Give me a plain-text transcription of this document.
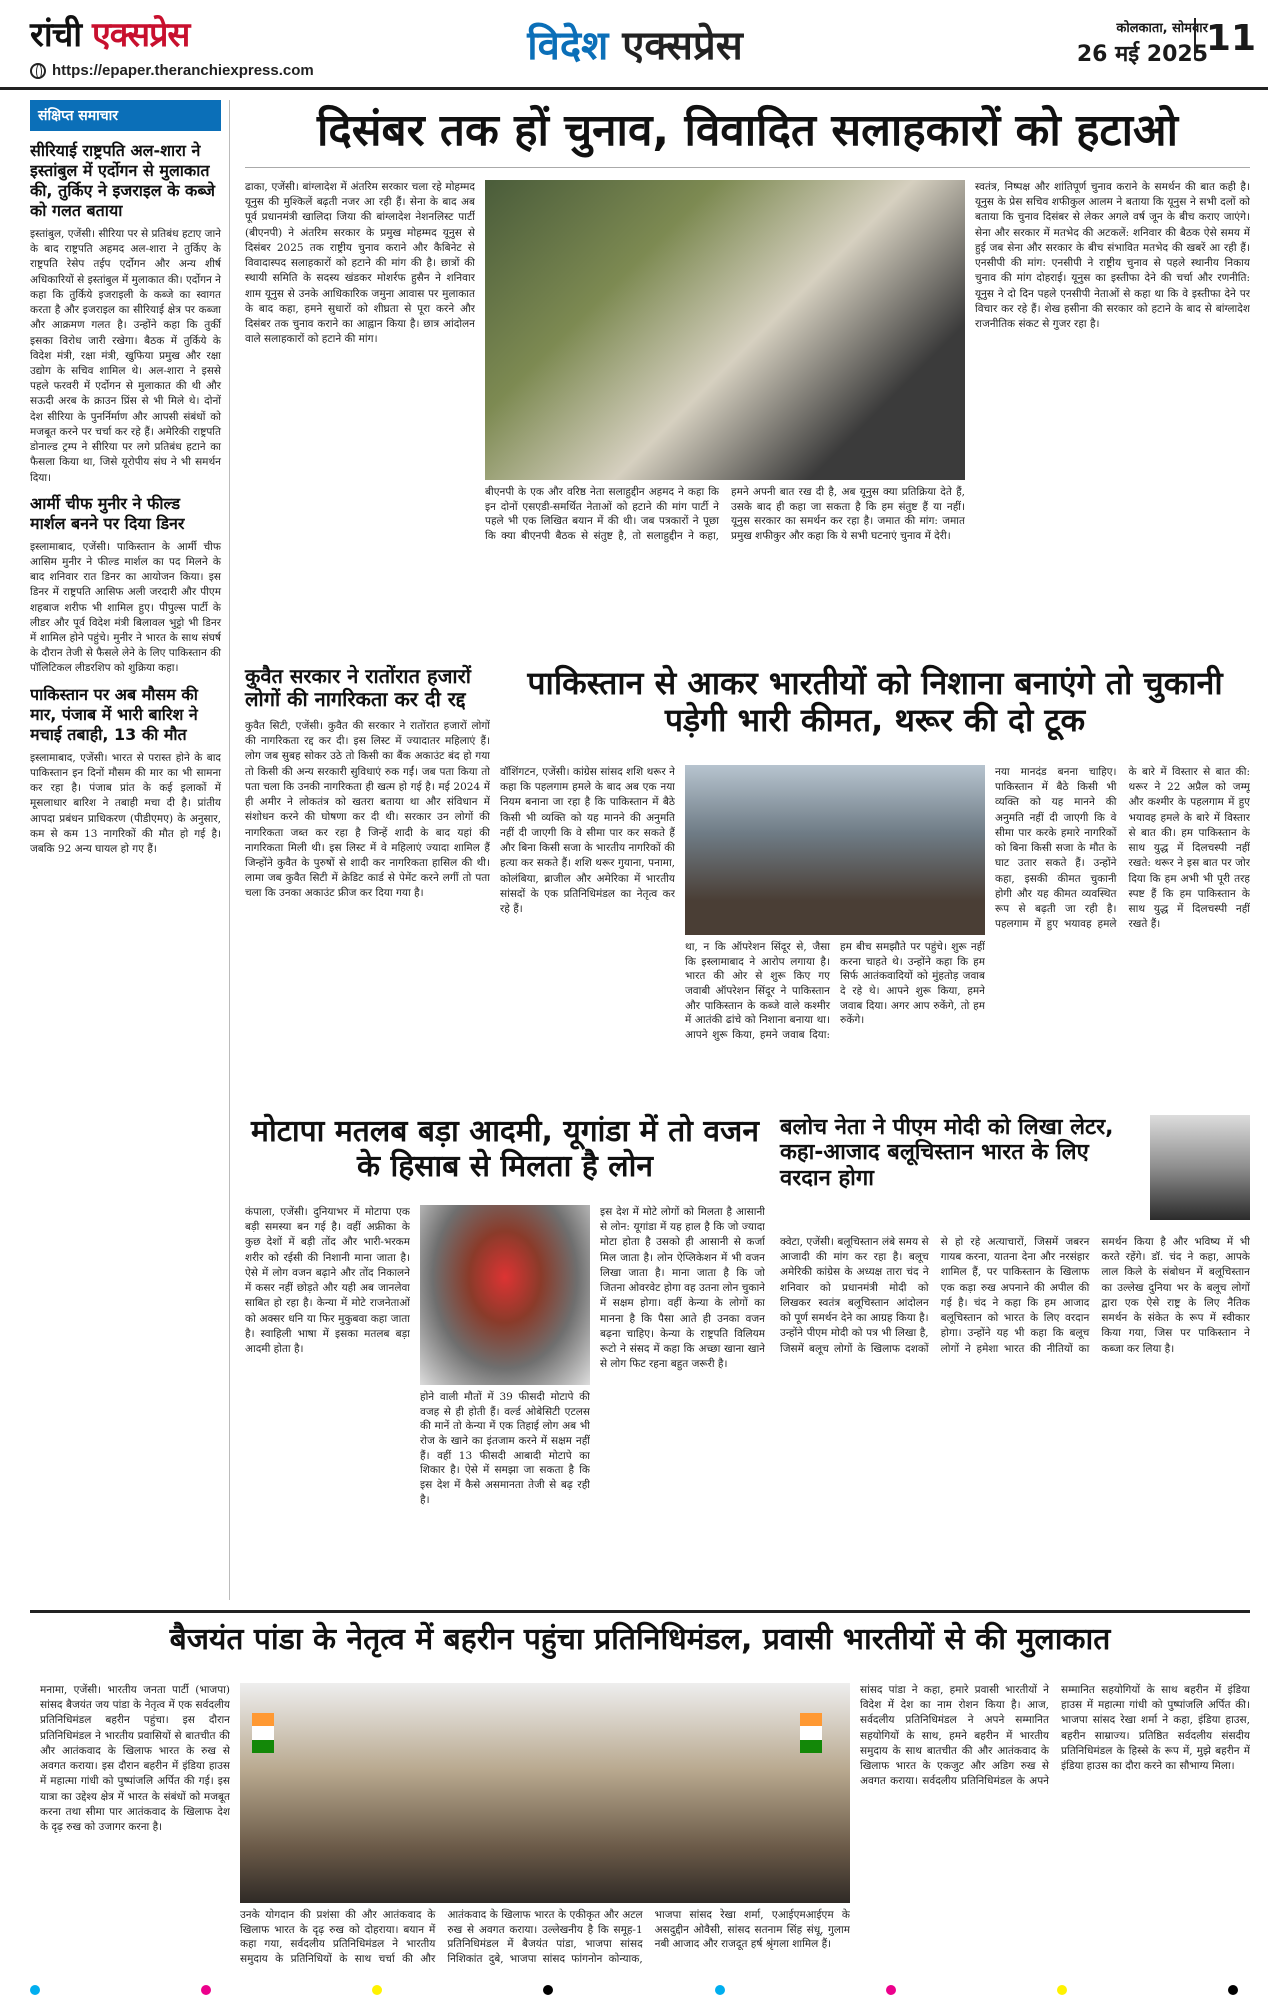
रांची एक्सप्रेस
https://epaper.theranchiexpress.com
विदेश एक्सप्रेस	कोलकाता, सोमवार
26 मई 2025
11
संक्षिप्त समाचार
सीरियाई राष्ट्रपति अल-शारा ने इस्तांबुल में एर्दोगन से मुलाकात की, तुर्किए ने इजराइल के कब्जे को गलत बताया
इस्तांबुल, एजेंसी। सीरिया पर से प्रतिबंध हटाए जाने के बाद राष्ट्रपति अहमद अल-शारा ने तुर्किए के राष्ट्रपति रेसेप तईप एर्दोगन और अन्य शीर्ष अधिकारियों से इस्तांबुल में मुलाकात की। एर्दोगन ने कहा कि तुर्किये इजराइली के कब्जे का स्वागत करता है और इजराइल का सीरियाई क्षेत्र पर कब्जा और आक्रमण गलत है। उन्होंने कहा कि तुर्की इसका विरोध जारी रखेगा। बैठक में तुर्किये के विदेश मंत्री, रक्षा मंत्री, खुफिया प्रमुख और रक्षा उद्योग के सचिव शामिल थे। अल-शारा ने इससे पहले फरवरी में एर्दोगन से मुलाकात की थी और सऊदी अरब के क्राउन प्रिंस से भी मिले थे। दोनों देश सीरिया के पुनर्निर्माण और आपसी संबंधों को मजबूत करने पर चर्चा कर रहे हैं। अमेरिकी राष्ट्रपति डोनाल्ड ट्रम्प ने सीरिया पर लगे प्रतिबंध हटाने का फैसला किया था, जिसे यूरोपीय संघ ने भी समर्थन दिया।
आर्मी चीफ मुनीर ने फील्ड मार्शल बनने पर दिया डिनर
इस्लामाबाद, एजेंसी। पाकिस्तान के आर्मी चीफ आसिम मुनीर ने फील्ड मार्शल का पद मिलने के बाद शनिवार रात डिनर का आयोजन किया। इस डिनर में राष्ट्रपति आसिफ अली जरदारी और पीएम शहबाज शरीफ भी शामिल हुए। पीपुल्स पार्टी के लीडर और पूर्व विदेश मंत्री बिलावल भुट्टो भी डिनर में शामिल होने पहुंचे। मुनीर ने भारत के साथ संघर्ष के दौरान तेजी से फैसले लेने के लिए पाकिस्तान की पॉलिटिकल लीडरशिप को शुक्रिया कहा।
पाकिस्तान पर अब मौसम की मार, पंजाब में भारी बारिश ने मचाई तबाही, 13 की मौत
इस्लामाबाद, एजेंसी। भारत से परास्त होने के बाद पाकिस्तान इन दिनों मौसम की मार का भी सामना कर रहा है। पंजाब प्रांत के कई इलाकों में मूसलाधार बारिश ने तबाही मचा दी है। प्रांतीय आपदा प्रबंधन प्राधिकरण (पीडीएमए) के अनुसार, कम से कम 13 नागरिकों की मौत हो गई है। जबकि 92 अन्य घायल हो गए हैं।
दिसंबर तक हों चुनाव, विवादित सलाहकारों को हटाओ
ढाका, एजेंसी। बांग्लादेश में अंतरिम सरकार चला रहे मोहम्मद यूनुस की मुश्किलें बढ़ती नजर आ रही हैं। सेना के बाद अब पूर्व प्रधानमंत्री खालिदा जिया की बांग्लादेश नेशनलिस्ट पार्टी (बीएनपी) ने अंतरिम सरकार के प्रमुख मोहम्मद यूनुस से दिसंबर 2025 तक राष्ट्रीय चुनाव कराने और कैबिनेट से विवादास्पद सलाहकारों को हटाने की मांग की है। छात्रों की स्थायी समिति के सदस्य खंडकर मोशर्रफ हुसैन ने शनिवार शाम यूनुस से उनके आधिकारिक जमुना आवास पर मुलाकात के बाद कहा, हमने सुधारों को शीघ्रता से पूरा करने और दिसंबर तक चुनाव कराने का आह्वान किया है। छात्र आंदोलन वाले सलाहकारों को हटाने की मांग।
बीएनपी के एक और वरिष्ठ नेता सलाहुद्दीन अहमद ने कहा कि इन दोनों एसएडी-समर्थित नेताओं को हटाने की मांग पार्टी ने पहले भी एक लिखित बयान में की थी। जब पत्रकारों ने पूछा कि क्या बीएनपी बैठक से संतुष्ट है, तो सलाहुद्दीन ने कहा, हमने अपनी बात रख दी है, अब यूनुस क्या प्रतिक्रिया देते हैं, उसके बाद ही कहा जा सकता है कि हम संतुष्ट हैं या नहीं। यूनुस सरकार का समर्थन कर रहा है। जमात की मांग: जमात प्रमुख शफीकुर और कहा कि ये सभी घटनाएं चुनाव में देरी।
स्वतंत्र, निष्पक्ष और शांतिपूर्ण चुनाव कराने के समर्थन की बात कही है। यूनुस के प्रेस सचिव शफीकुल आलम ने बताया कि यूनुस ने सभी दलों को बताया कि चुनाव दिसंबर से लेकर अगले वर्ष जून के बीच कराए जाएंगे। सेना और सरकार में मतभेद की अटकलें: शनिवार की बैठक ऐसे समय में हुई जब सेना और सरकार के बीच संभावित मतभेद की खबरें आ रही हैं। एनसीपी की मांग: एनसीपी ने राष्ट्रीय चुनाव से पहले स्थानीय निकाय चुनाव की मांग दोहराई। यूनुस का इस्तीफा देने की चर्चा और रणनीति: यूनुस ने दो दिन पहले एनसीपी नेताओं से कहा था कि वे इस्तीफा देने पर विचार कर रहे हैं। शेख हसीना की सरकार को हटाने के बाद से बांग्लादेश राजनीतिक संकट से गुजर रहा है।
कुवैत सरकार ने रातोंरात हजारों लोगों की नागरिकता कर दी रद्द
कुवैत सिटी, एजेंसी। कुवैत की सरकार ने रातोंरात हजारों लोगों की नागरिकता रद्द कर दी। इस लिस्ट में ज्यादातर महिलाएं हैं। लोग जब सुबह सोकर उठे तो किसी का बैंक अकाउंट बंद हो गया तो किसी की अन्य सरकारी सुविधाएं रुक गईं। जब पता किया तो पता चला कि उनकी नागरिकता ही खत्म हो गई है। मई 2024 में ही अमीर ने लोकतंत्र को खतरा बताया था और संविधान में संशोधन करने की घोषणा कर दी थी। सरकार उन लोगों की नागरिकता जब्त कर रहा है जिन्हें शादी के बाद यहां की नागरिकता मिली थी। इस लिस्ट में वे महिलाएं ज्यादा शामिल हैं जिन्होंने कुवैत के पुरुषों से शादी कर नागरिकता हासिल की थी। लामा जब कुवैत सिटी में क्रेडिट कार्ड से पेमेंट करने लगीं तो पता चला कि उनका अकाउंट फ्रीज कर दिया गया है।
पाकिस्तान से आकर भारतीयों को निशाना बनाएंगे तो चुकानी पड़ेगी भारी कीमत, थरूर की दो टूक
वॉशिंगटन, एजेंसी। कांग्रेस सांसद शशि थरूर ने कहा कि पहलगाम हमले के बाद अब एक नया नियम बनाना जा रहा है कि पाकिस्तान में बैठे किसी भी व्यक्ति को यह मानने की अनुमति नहीं दी जाएगी कि वे सीमा पार कर सकते हैं और बिना किसी सजा के भारतीय नागरिकों की हत्या कर सकते हैं। शशि थरूर गुयाना, पनामा, कोलंबिया, ब्राजील और अमेरिका में भारतीय सांसदों के एक प्रतिनिधिमंडल का नेतृत्व कर रहे हैं।
था, न कि ऑपरेशन सिंदूर से, जैसा कि इस्लामाबाद ने आरोप लगाया है। भारत की ओर से शुरू किए गए जवाबी ऑपरेशन सिंदूर ने पाकिस्तान और पाकिस्तान के कब्जे वाले कश्मीर में आतंकी ढांचे को निशाना बनाया था। आपने शुरू किया, हमने जवाब दिया: हम बीच समझौते पर पहुंचे। शुरू नहीं करना चाहते थे। उन्होंने कहा कि हम सिर्फ आतंकवादियों को मुंहतोड़ जवाब दे रहे थे। आपने शुरू किया, हमने जवाब दिया। अगर आप रुकेंगे, तो हम रुकेंगे।
नया मानदंड बनना चाहिए। पाकिस्तान में बैठे किसी भी व्यक्ति को यह मानने की अनुमति नहीं दी जाएगी कि वे सीमा पार करके हमारे नागरिकों को बिना किसी सजा के मौत के घाट उतार सकते हैं। उन्होंने कहा, इसकी कीमत चुकानी होगी और यह कीमत व्यवस्थित रूप से बढ़ती जा रही है। पहलगाम में हुए भयावह हमले के बारे में विस्तार से बात की: थरूर ने 22 अप्रैल को जम्मू और कश्मीर के पहलगाम में हुए भयावह हमले के बारे में विस्तार से बात की। हम पाकिस्तान के साथ युद्ध में दिलचस्पी नहीं रखते: थरूर ने इस बात पर जोर दिया कि हम अभी भी पूरी तरह स्पष्ट हैं कि हम पाकिस्तान के साथ युद्ध में दिलचस्पी नहीं रखते हैं।
मोटापा मतलब बड़ा आदमी, यूगांडा में तो वजन के हिसाब से मिलता है लोन
कंपाला, एजेंसी। दुनियाभर में मोटापा एक बड़ी समस्या बन गई है। वहीं अफ्रीका के कुछ देशों में बड़ी तोंद और भारी-भरकम शरीर को रईसी की निशानी माना जाता है। ऐसे में लोग वजन बढ़ाने और तोंद निकालने में कसर नहीं छोड़ते और यही अब जानलेवा साबित हो रहा है। केन्या में मोटे राजनेताओं को अक्सर धनि या फिर मुकुबवा कहा जाता है। स्वाहिली भाषा में इसका मतलब बड़ा आदमी होता है।
होने वाली मौतों में 39 फीसदी मोटापे की वजह से ही होती हैं। वर्ल्ड ओबेसिटी एटलस की मानें तो केन्या में एक तिहाई लोग अब भी रोज के खाने का इंतजाम करने में सक्षम नहीं हैं। वहीं 13 फीसदी आबादी मोटापे का शिकार है। ऐसे में समझा जा सकता है कि इस देश में कैसे असमानता तेजी से बढ़ रही है।
इस देश में मोटे लोगों को मिलता है आसानी से लोन: यूगांडा में यह हाल है कि जो ज्यादा मोटा होता है उसको ही आसानी से कर्जा मिल जाता है। लोन ऐप्लिकेशन में भी वजन लिखा जाता है। माना जाता है कि जो जितना ओवरवेट होगा वह उतना लोन चुकाने में सक्षम होगा। वहीं केन्या के लोगों का मानना है कि पैसा आते ही उनका वजन बढ़ना चाहिए। केन्या के राष्ट्रपति विलियम रूटो ने संसद में कहा कि अच्छा खाना खाने से लोग फिट रहना बहुत जरूरी है।
बलोच नेता ने पीएम मोदी को लिखा लेटर, कहा-आजाद बलूचिस्तान भारत के लिए वरदान होगा
क्वेटा, एजेंसी। बलूचिस्तान लंबे समय से आजादी की मांग कर रहा है। बलूच अमेरिकी कांग्रेस के अध्यक्ष तारा चंद ने शनिवार को प्रधानमंत्री मोदी को लिखकर स्वतंत्र बलूचिस्तान आंदोलन को पूर्ण समर्थन देने का आग्रह किया है। उन्होंने पीएम मोदी को पत्र भी लिखा है, जिसमें बलूच लोगों के खिलाफ दशकों से हो रहे अत्याचारों, जिसमें जबरन गायब करना, यातना देना और नरसंहार शामिल हैं, पर पाकिस्तान के खिलाफ एक कड़ा रुख अपनाने की अपील की गई है। चंद ने कहा कि हम आजाद बलूचिस्तान को भारत के लिए वरदान होगा। उन्होंने यह भी कहा कि बलूच लोगों ने हमेशा भारत की नीतियों का समर्थन किया है और भविष्य में भी करते रहेंगे। डॉ. चंद ने कहा, आपके लाल किले के संबोधन में बलूचिस्तान का उल्लेख दुनिया भर के बलूच लोगों द्वारा एक ऐसे राष्ट्र के लिए नैतिक समर्थन के संकेत के रूप में स्वीकार किया गया, जिस पर पाकिस्तान ने कब्जा कर लिया है।
बैजयंत पांडा के नेतृत्व में बहरीन पहुंचा प्रतिनिधिमंडल, प्रवासी भारतीयों से की मुलाकात
मनामा, एजेंसी। भारतीय जनता पार्टी (भाजपा) सांसद बैजयंत जय पांडा के नेतृत्व में एक सर्वदलीय प्रतिनिधिमंडल बहरीन पहुंचा। इस दौरान प्रतिनिधिमंडल ने भारतीय प्रवासियों से बातचीत की और आतंकवाद के खिलाफ भारत के रुख से अवगत कराया। इस दौरान बहरीन में इंडिया हाउस में महात्मा गांधी को पुष्पांजलि अर्पित की गई। इस यात्रा का उद्देश्य क्षेत्र में भारत के संबंधों को मजबूत करना तथा सीमा पार आतंकवाद के खिलाफ देश के दृढ़ रुख को उजागर करना है।
उनके योगदान की प्रशंसा की और आतंकवाद के खिलाफ भारत के दृढ़ रुख को दोहराया। बयान में कहा गया, सर्वदलीय प्रतिनिधिमंडल ने भारतीय समुदाय के प्रतिनिधियों के साथ चर्चा की और आतंकवाद के खिलाफ भारत के एकीकृत और अटल रुख से अवगत कराया। उल्लेखनीय है कि समूह-1 प्रतिनिधिमंडल में बैजयंत पांडा, भाजपा सांसद निशिकांत दुबे, भाजपा सांसद फांगनोन कोन्याक, भाजपा सांसद रेखा शर्मा, एआईएमआईएम के असदुद्दीन ओवैसी, सांसद सतनाम सिंह संधू, गुलाम नबी आजाद और राजदूत हर्ष श्रृंगला शामिल हैं।
सांसद पांडा ने कहा, हमारे प्रवासी भारतीयों ने विदेश में देश का नाम रोशन किया है। आज, सर्वदलीय प्रतिनिधिमंडल ने अपने सम्मानित सहयोगियों के साथ, हमने बहरीन में भारतीय समुदाय के साथ बातचीत की और आतंकवाद के खिलाफ भारत के एकजुट और अडिग रुख से अवगत कराया। सर्वदलीय प्रतिनिधिमंडल के अपने सम्मानित सहयोगियों के साथ बहरीन में इंडिया हाउस में महात्मा गांधी को पुष्पांजलि अर्पित की। भाजपा सांसद रेखा शर्मा ने कहा, इंडिया हाउस, बहरीन साम्राज्य। प्रतिष्ठित सर्वदलीय संसदीय प्रतिनिधिमंडल के हिस्से के रूप में, मुझे बहरीन में इंडिया हाउस का दौरा करने का सौभाग्य मिला।
